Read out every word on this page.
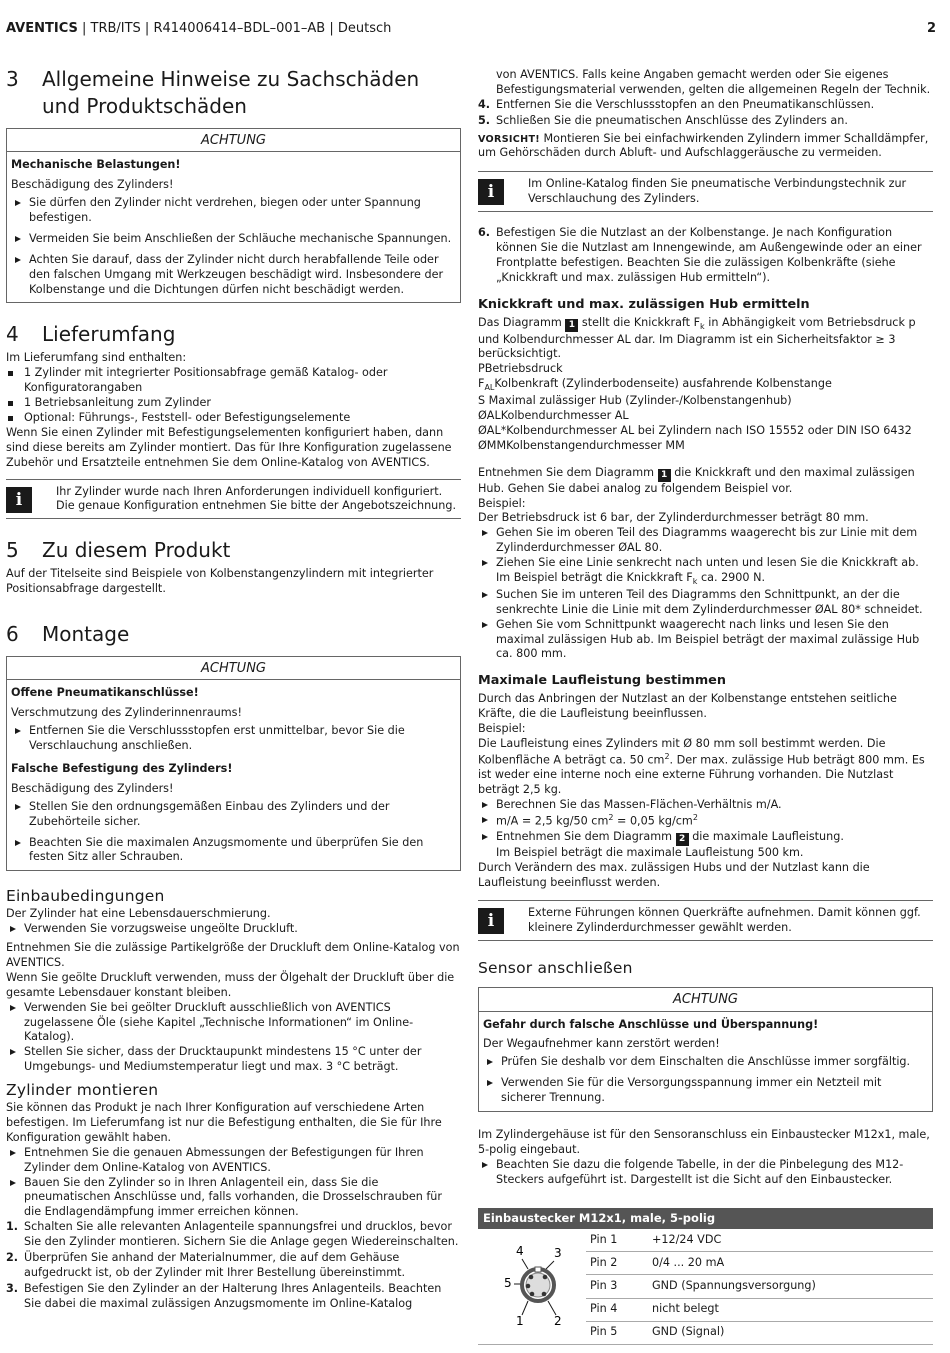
AVENTICS | TRB/ITS | R414006414–BDL–001–AB | Deutsch	2
3	Allgemeine Hinweise zu Sachschäden und Produktschäden
ACHTUNG
Mechanische Belastungen!
Beschädigung des Zylinders!
Sie dürfen den Zylinder nicht verdrehen, biegen oder unter Spannung befestigen.
Vermeiden Sie beim Anschließen der Schläuche mechanische Spannungen.
Achten Sie darauf, dass der Zylinder nicht durch herabfallende Teile oder den falschen Umgang mit Werkzeugen beschädigt wird. Insbesondere der Kolbenstange und die Dichtungen dürfen nicht beschädigt werden.
4	Lieferumfang

Im Lieferumfang sind enthalten:

1 Zylinder mit integrierter Positionsabfrage gemäß Katalog- oder Konfiguratorangaben
1 Betriebsanleitung zum Zylinder
Optional: Führungs-, Feststell- oder Befestigungselemente

Wenn Sie einen Zylinder mit Befestigungselementen konfiguriert haben, dann sind diese bereits am Zylinder montiert. Das für Ihre Konfiguration zugelassene Zubehör und Ersatzteile entnehmen Sie dem Online-Katalog von AVENTICS.

i	Ihr Zylinder wurde nach Ihren Anforderungen individuell konfiguriert. Die genaue Konfiguration entnehmen Sie bitte der Angebotszeichnung.
5	Zu diesem Produkt

Auf der Titelseite sind Beispiele von Kolbenstangenzylindern mit integrierter Positionsabfrage dargestellt.

6	Montage
ACHTUNG
Offene Pneumatikanschlüsse!
Verschmutzung des Zylinderinnenraums!
Entfernen Sie die Verschlussstopfen erst unmittelbar, bevor Sie die Verschlauchung anschließen.
Falsche Befestigung des Zylinders!
Beschädigung des Zylinders!
Stellen Sie den ordnungsgemäßen Einbau des Zylinders und der Zubehörteile sicher.
Beachten Sie die maximalen Anzugsmomente und überprüfen Sie den festen Sitz aller Schrauben.
Einbaubedingungen

Der Zylinder hat eine Lebensdauerschmierung.

Verwenden Sie vorzugsweise ungeölte Druckluft.

Entnehmen Sie die zulässige Partikelgröße der Druckluft dem Online-Katalog von AVENTICS.

Wenn Sie geölte Druckluft verwenden, muss der Ölgehalt der Druckluft über die gesamte Lebensdauer konstant bleiben.

Verwenden Sie bei geölter Druckluft ausschließlich von AVENTICS zugelassene Öle (siehe Kapitel „Technische Informationen“ im Online-Katalog).
Stellen Sie sicher, dass der Drucktaupunkt mindestens 15 °C unter der Umgebungs- und Mediumstemperatur liegt und max. 3 °C beträgt.
Zylinder montieren

Sie können das Produkt je nach Ihrer Konfiguration auf verschiedene Arten befestigen. Im Lieferumfang ist nur die Befestigung enthalten, die Sie für Ihre Konfiguration gewählt haben.

Entnehmen Sie die genauen Abmessungen der Befestigungen für Ihren Zylinder dem Online-Katalog von AVENTICS.
Bauen Sie den Zylinder so in Ihren Anlagenteil ein, dass Sie die pneumatischen Anschlüsse und, falls vorhanden, die Drosselschrauben für die Endlagendämpfung immer erreichen können.
1. Schalten Sie alle relevanten Anlagenteile spannungsfrei und drucklos, bevor Sie den Zylinder montieren. Sichern Sie die Anlage gegen Wiedereinschalten.
2. Überprüfen Sie anhand der Materialnummer, die auf dem Gehäuse aufgedruckt ist, ob der Zylinder mit Ihrer Bestellung übereinstimmt.
3. Befestigen Sie den Zylinder an der Halterung Ihres Anlagenteils. Beachten Sie dabei die maximal zulässigen Anzugsmomente im Online-Katalog

von AVENTICS. Falls keine Angaben gemacht werden oder Sie eigenes Befestigungsmaterial verwenden, gelten die allgemeinen Regeln der Technik.

4. Entfernen Sie die Verschlussstopfen an den Pneumatikanschlüssen.
5. Schließen Sie die pneumatischen Anschlüsse des Zylinders an.

VORSICHT! Montieren Sie bei einfachwirkenden Zylindern immer Schalldämpfer, um Gehörschäden durch Abluft- und Aufschlaggeräusche zu vermeiden.

i	Im Online-Katalog finden Sie pneumatische Verbindungstechnik zur Verschlauchung des Zylinders.
6. Befestigen Sie die Nutzlast an der Kolbenstange. Je nach Konfiguration können Sie die Nutzlast am Innengewinde, am Außengewinde oder an einer Frontplatte befestigen. Beachten Sie die zulässigen Kolbenkräfte (siehe „Knickkraft und max. zulässigen Hub ermitteln“).
Knickkraft und max. zulässigen Hub ermitteln

Das Diagramm 1 stellt die Knickkraft $F_k$ in Abhängigkeit vom Betriebsdruck p und Kolbendurchmesser AL dar. Im Diagramm ist ein Sicherheitsfaktor ≥ 3 berücksichtigt.

PBetriebsdruck

$F_{AL}Kolbenkraft$ (Zylinderbodenseite) ausfahrende Kolbenstange

S Maximal zulässiger Hub (Zylinder-/Kolbenstangenhub)

ØALKolbendurchmesser AL

ØAL*Kolbendurchmesser AL bei Zylindern nach ISO 15552 oder DIN ISO 6432

ØMMKolbenstangendurchmesser MM

Entnehmen Sie dem Diagramm 1 die Knickkraft und den maximal zulässigen Hub. Gehen Sie dabei analog zu folgendem Beispiel vor.

Beispiel:

Der Betriebsdruck ist 6 bar, der Zylinderdurchmesser beträgt 80 mm.

Gehen Sie im oberen Teil des Diagramms waagerecht bis zur Linie mit dem Zylinderdurchmesser ØAL 80.
Ziehen Sie eine Linie senkrecht nach unten und lesen Sie die Knickkraft ab. Im Beispiel beträgt die Knickkraft $F_k$ ca. 2900 N.
Suchen Sie im unteren Teil des Diagramms den Schnittpunkt, an der die senkrechte Linie die Linie mit dem Zylinderdurchmesser ØAL 80* schneidet.
Gehen Sie vom Schnittpunkt waagerecht nach links und lesen Sie den maximal zulässigen Hub ab. Im Beispiel beträgt der maximal zulässige Hub ca. 800 mm.
Maximale Laufleistung bestimmen

Durch das Anbringen der Nutzlast an der Kolbenstange entstehen seitliche Kräfte, die die Laufleistung beeinflussen.

Beispiel:

Die Laufleistung eines Zylinders mit Ø 80 mm soll bestimmt werden. Die Kolbenfläche A beträgt ca. 50 $cm^2$. Der max. zulässige Hub beträgt 800 mm. Es ist weder eine interne noch eine externe Führung vorhanden. Die Nutzlast beträgt 2,5 kg.

Berechnen Sie das Massen-Flächen-Verhältnis m/A.
m/A = 2,5 kg/50 $cm^2 = 0,05$ $kg/cm^2$
Entnehmen Sie dem Diagramm 2 die maximale Laufleistung.
Im Beispiel beträgt die maximale Laufleistung 500 km.

Durch Verändern des max. zulässigen Hubs und der Nutzlast kann die Laufleistung beeinflusst werden.

i	Externe Führungen können Querkräfte aufnehmen. Damit können ggf. kleinere Zylinderdurchmesser gewählt werden.
Sensor anschließen
ACHTUNG
Gefahr durch falsche Anschlüsse und Überspannung!
Der Wegaufnehmer kann zerstört werden!
Prüfen Sie deshalb vor dem Einschalten die Anschlüsse immer sorgfältig.
Verwenden Sie für die Versorgungsspannung immer ein Netzteil mit sicherer Trennung.

Im Zylindergehäuse ist für den Sensoranschluss ein Einbaustecker M12x1, male, 5-polig eingebaut.

Beachten Sie dazu die folgende Tabelle, in der die Pinbelegung des M12-Steckers aufgeführt ist. Dargestellt ist die Sicht auf den Einbaustecker.
Einbaustecker M12x1, male, 5-polig
4 3
5
1 2	Pin 1	+12/24 VDC
	Pin 2	0/4 ... 20 mA
	Pin 3	GND (Spannungsversorgung)
	Pin 4	nicht belegt
	Pin 5	GND (Signal)
